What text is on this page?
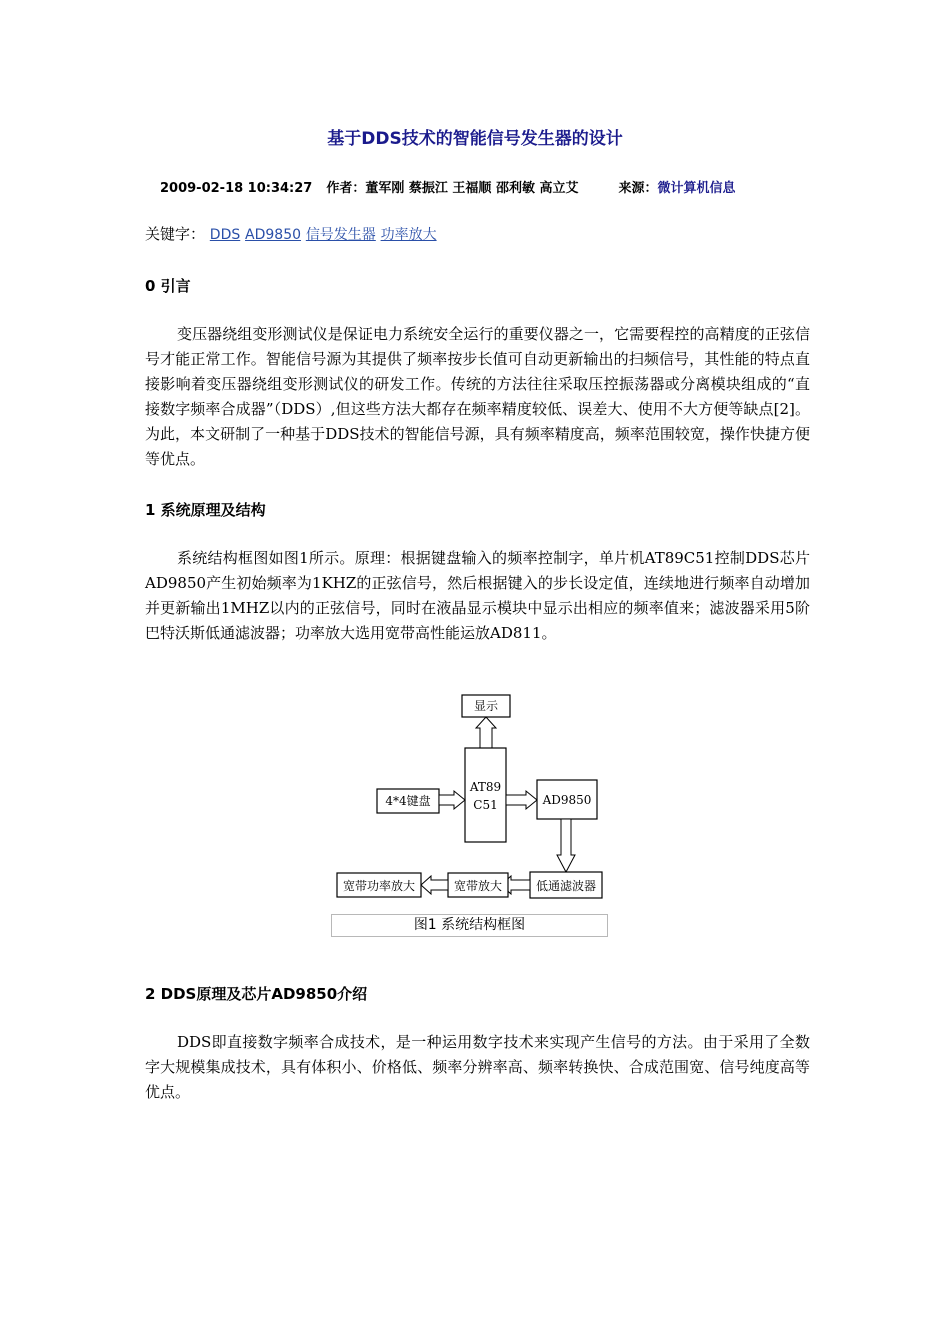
基于DDS技术的智能信号发生器的设计
2009-02-18 10:34:27 作者：董军刚 蔡振江 王福顺 邵利敏 高立艾	来源：微计算机信息
关键字： DDS AD9850 信号发生器 功率放大
0 引言
变压器绕组变形测试仪是保证电力系统安全运行的重要仪器之一，它需要程控的高精度的正弦信号才能正常工作。智能信号源为其提供了频率按步长值可自动更新输出的扫频信号，其性能的特点直接影响着变压器绕组变形测试仪的研发工作。传统的方法往往采取压控振荡器或分离模块组成的“直接数字频率合成器”（DDS）,但这些方法大都存在频率精度较低、误差大、使用不大方便等缺点[2]。为此，本文研制了一种基于DDS技术的智能信号源，具有频率精度高，频率范围较宽，操作快捷方便等优点。
1 系统原理及结构
系统结构框图如图1所示。原理：根据键盘输入的频率控制字，单片机AT89C51控制DDS芯片AD9850产生初始频率为1KHZ的正弦信号，然后根据键入的步长设定值，连续地进行频率自动增加并更新输出1MHZ以内的正弦信号，同时在液晶显示模块中显示出相应的频率值来；滤波器采用5阶巴特沃斯低通滤波器；功率放大选用宽带高性能运放AD811。
显示
AT89
C51
4*4键盘	AD9850
低通滤波器
宽带放大
宽带功率放大
图1 系统结构框图
2 DDS原理及芯片AD9850介绍
DDS即直接数字频率合成技术，是一种运用数字技术来实现产生信号的方法。由于采用了全数字大规模集成技术，具有体积小、价格低、频率分辨率高、频率转换快、合成范围宽、信号纯度高等优点。
